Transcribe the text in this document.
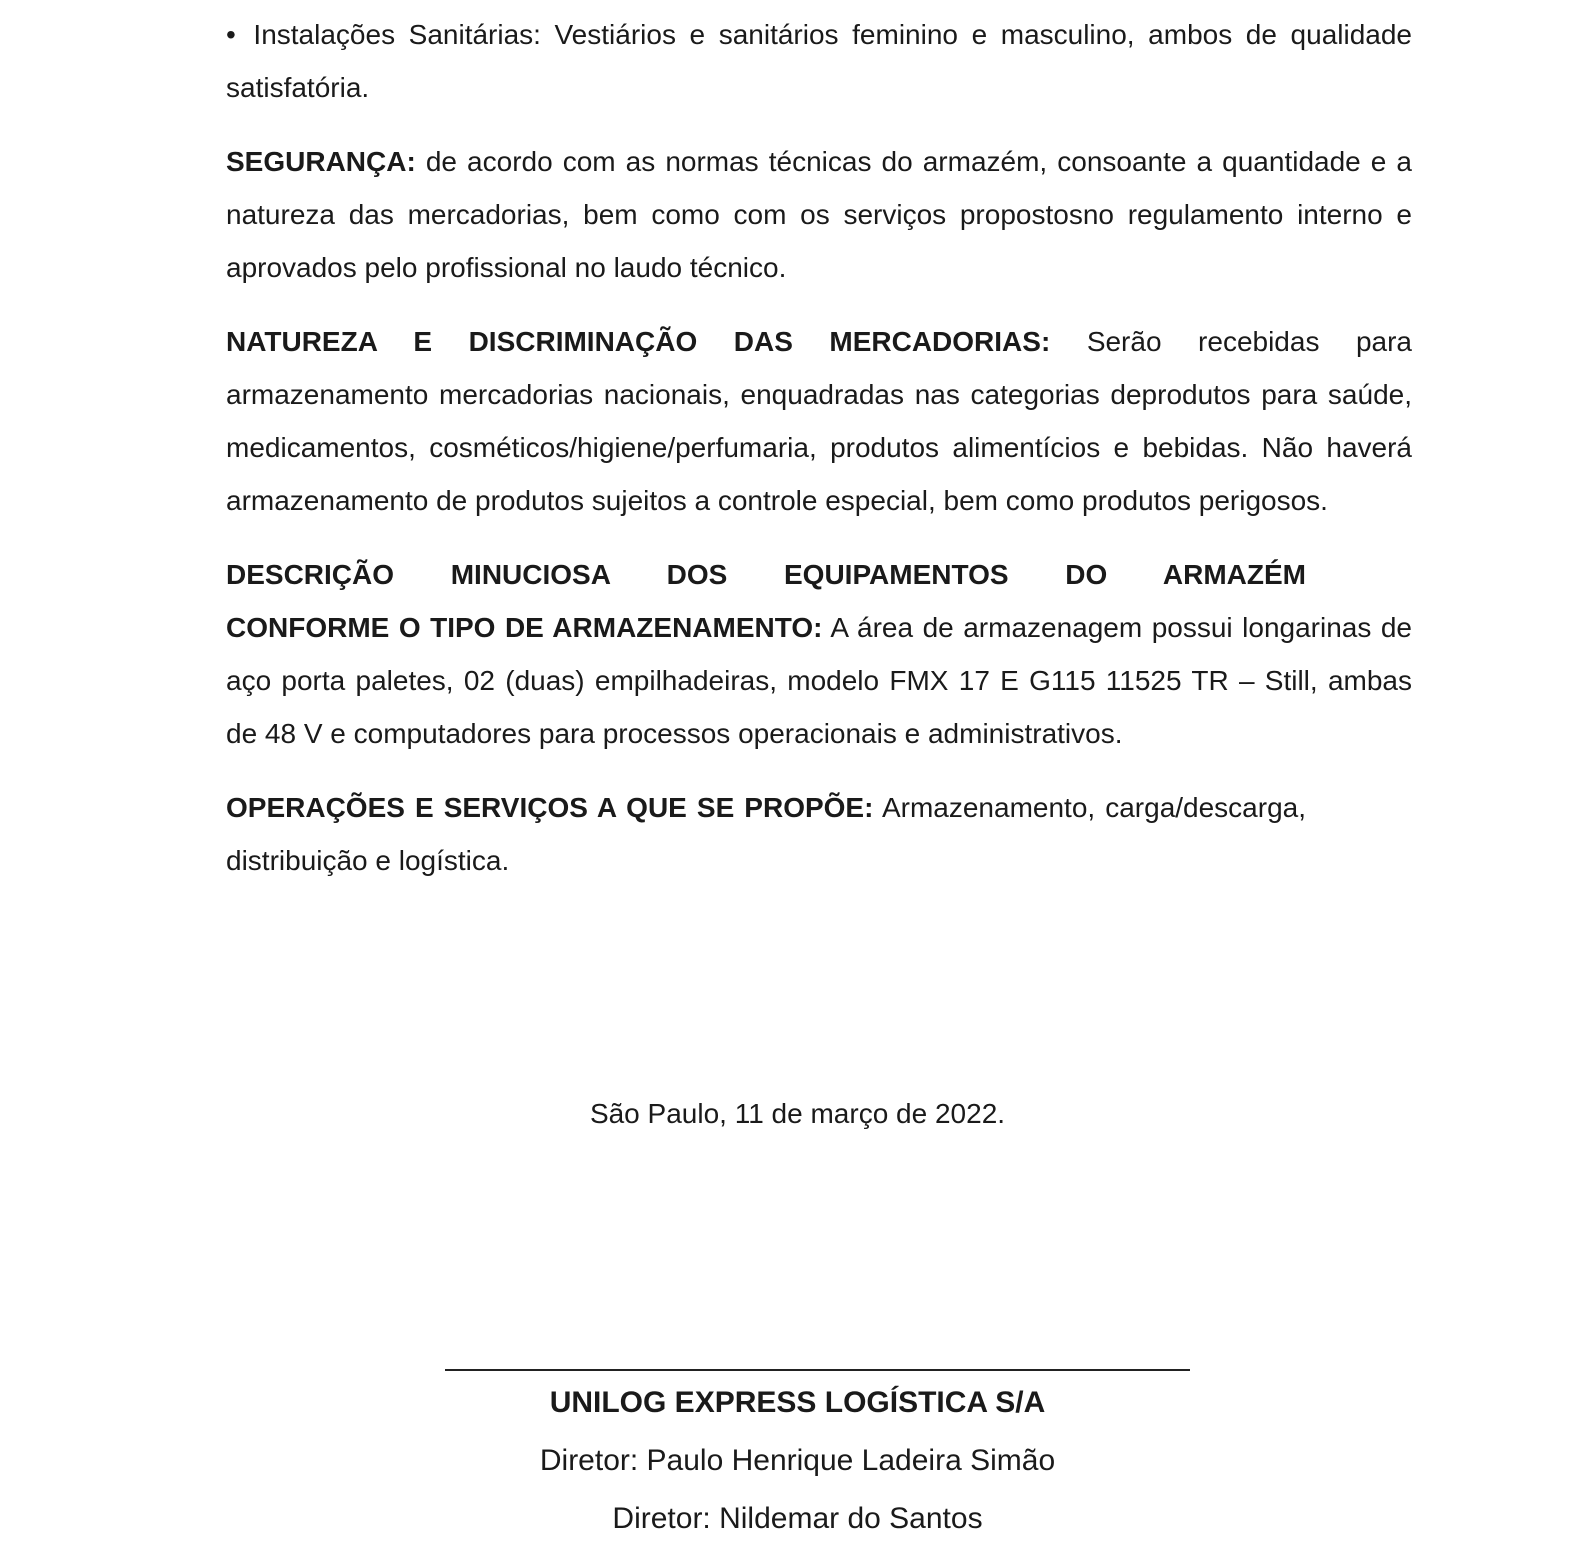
• Instalações Sanitárias: Vestiários e sanitários feminino e masculino, ambos de qualidade satisfatória.

SEGURANÇA: de acordo com as normas técnicas do armazém, consoante a quantidade e a natureza das mercadorias, bem como com os serviços propostosno regulamento interno e aprovados pelo profissional no laudo técnico.

NATUREZA E DISCRIMINAÇÃO DAS MERCADORIAS: Serão recebidas para armazenamento mercadorias nacionais, enquadradas nas categorias deprodutos para saúde, medicamentos, cosméticos/higiene/perfumaria, produtos alimentícios e bebidas. Não haverá armazenamento de produtos sujeitos a controle especial, bem como produtos perigosos.

DESCRIÇÃO MINUCIOSA DOS EQUIPAMENTOS DO ARMAZÉM
CONFORME O TIPO DE ARMAZENAMENTO: A área de armazenagem possui longarinas de aço porta paletes, 02 (duas) empilhadeiras, modelo FMX 17 E G115 11525 TR – Still, ambas de 48 V e computadores para processos operacionais e administrativos.

OPERAÇÕES E SERVIÇOS A QUE SE PROPÕE: Armazenamento, carga/descarga, distribuição e logística.

São Paulo, 11 de março de 2022.
UNILOG EXPRESS LOGÍSTICA S/A
Diretor: Paulo Henrique Ladeira Simão
Diretor: Nildemar do Santos
